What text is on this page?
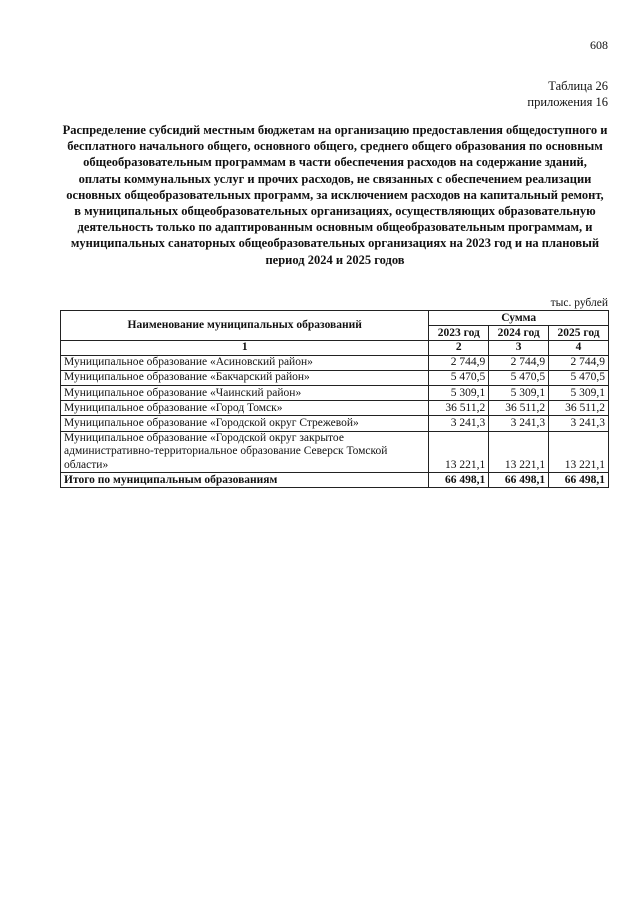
608
Таблица 26
приложения 16

Распределение субсидий местным бюджетам на организацию предоставления общедоступного и бесплатного начального общего, основного общего, среднего общего образования по основным общеобразовательным программам в части обеспечения расходов на содержание зданий, оплаты коммунальных услуг и прочих расходов, не связанных с обеспечением реализации основных общеобразовательных программ, за исключением расходов на капитальный ремонт, в муниципальных общеобразовательных организациях, осуществляющих образовательную деятельность только по адаптированным основным общеобразовательным программам, и муниципальных санаторных общеобразовательных организациях на 2023 год и на плановый период 2024 и 2025 годов

тыс. рублей
Наименование муниципальных образований	Сумма		
	2023 год	2024 год	2025 год
1	2	3	4
Муниципальное образование «Асиновский район»	2 744,9	2 744,9	2 744,9
Муниципальное образование «Бакчарский район»	5 470,5	5 470,5	5 470,5
Муниципальное образование «Чаинский район»	5 309,1	5 309,1	5 309,1
Муниципальное образование «Город Томск»	36 511,2	36 511,2	36 511,2
Муниципальное образование «Городской округ Стрежевой»	3 241,3	3 241,3	3 241,3
Муниципальное образование «Городской округ закрытое административно-территориальное образование Северск Томской области»	13 221,1	13 221,1	13 221,1
Итого по муниципальным образованиям	66 498,1	66 498,1	66 498,1
